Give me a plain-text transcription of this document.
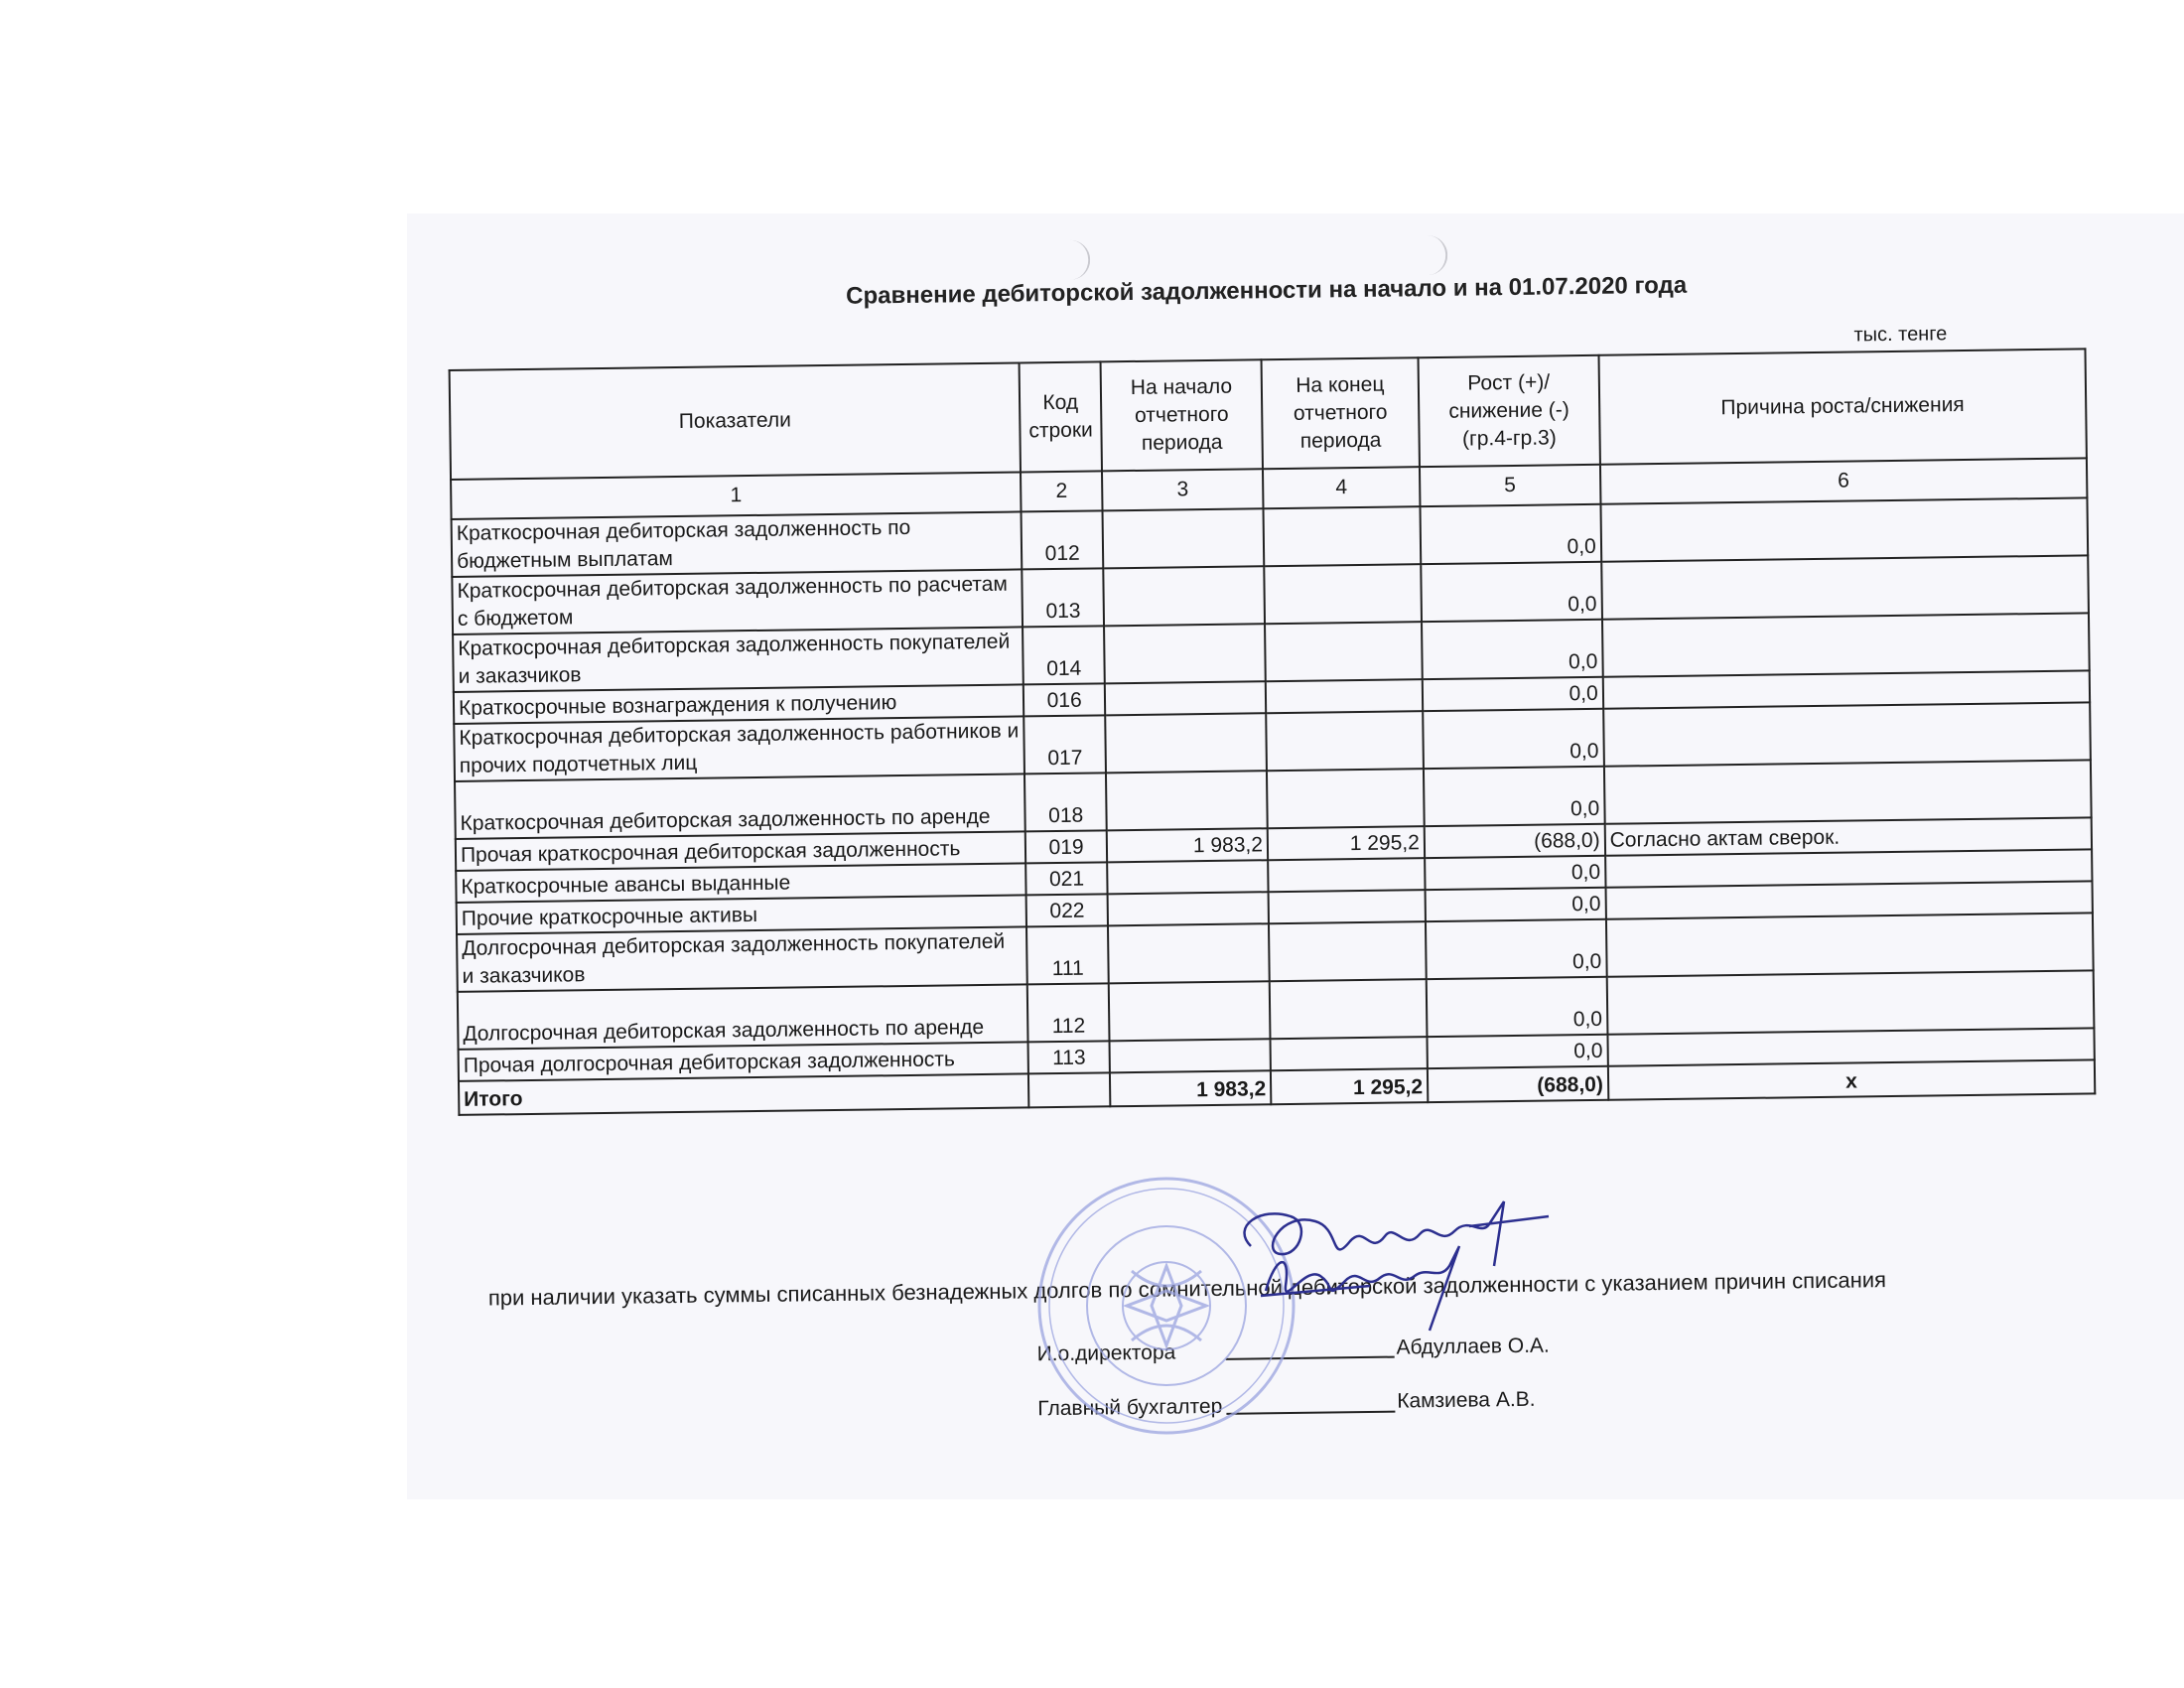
Сравнение дебиторской задолженности на начало и на 01.07.2020 года
тыс. тенге
Показатели	Код строки	На начало отчетного периода	На конец отчетного периода	Рост (+)/ снижение (-) (гр.4-гр.3)	Причина роста/снижения
1	2	3	4	5	6
Краткосрочная дебиторская задолженность по бюджетным выплатам	012			0,0	
Краткосрочная дебиторская задолженность по расчетам с бюджетом	013			0,0	
Краткосрочная дебиторская задолженность покупателей и заказчиков	014			0,0	
Краткосрочные вознаграждения к получению	016			0,0	
Краткосрочная дебиторская задолженность работников и прочих подотчетных лиц	017			0,0	
Краткосрочная дебиторская задолженность по аренде	018			0,0	
Прочая краткосрочная дебиторская задолженность	019	1 983,2	1 295,2	(688,0)	Согласно актам сверок.
Краткосрочные авансы выданные	021			0,0	
Прочие краткосрочные активы	022			0,0	
Долгосрочная дебиторская задолженность покупателей и заказчиков	111			0,0	
Долгосрочная дебиторская задолженность по аренде	112			0,0	
Прочая долгосрочная дебиторская задолженность	113			0,0	
Итого		1 983,2	1 295,2	(688,0)	x
при наличии указать суммы списанных безнадежных долгов по сомнительной дебиторской задолженности с указанием причин списания
И.о.директора	Абдуллаев О.А.
Главный бухгалтер	Камзиева А.В.
